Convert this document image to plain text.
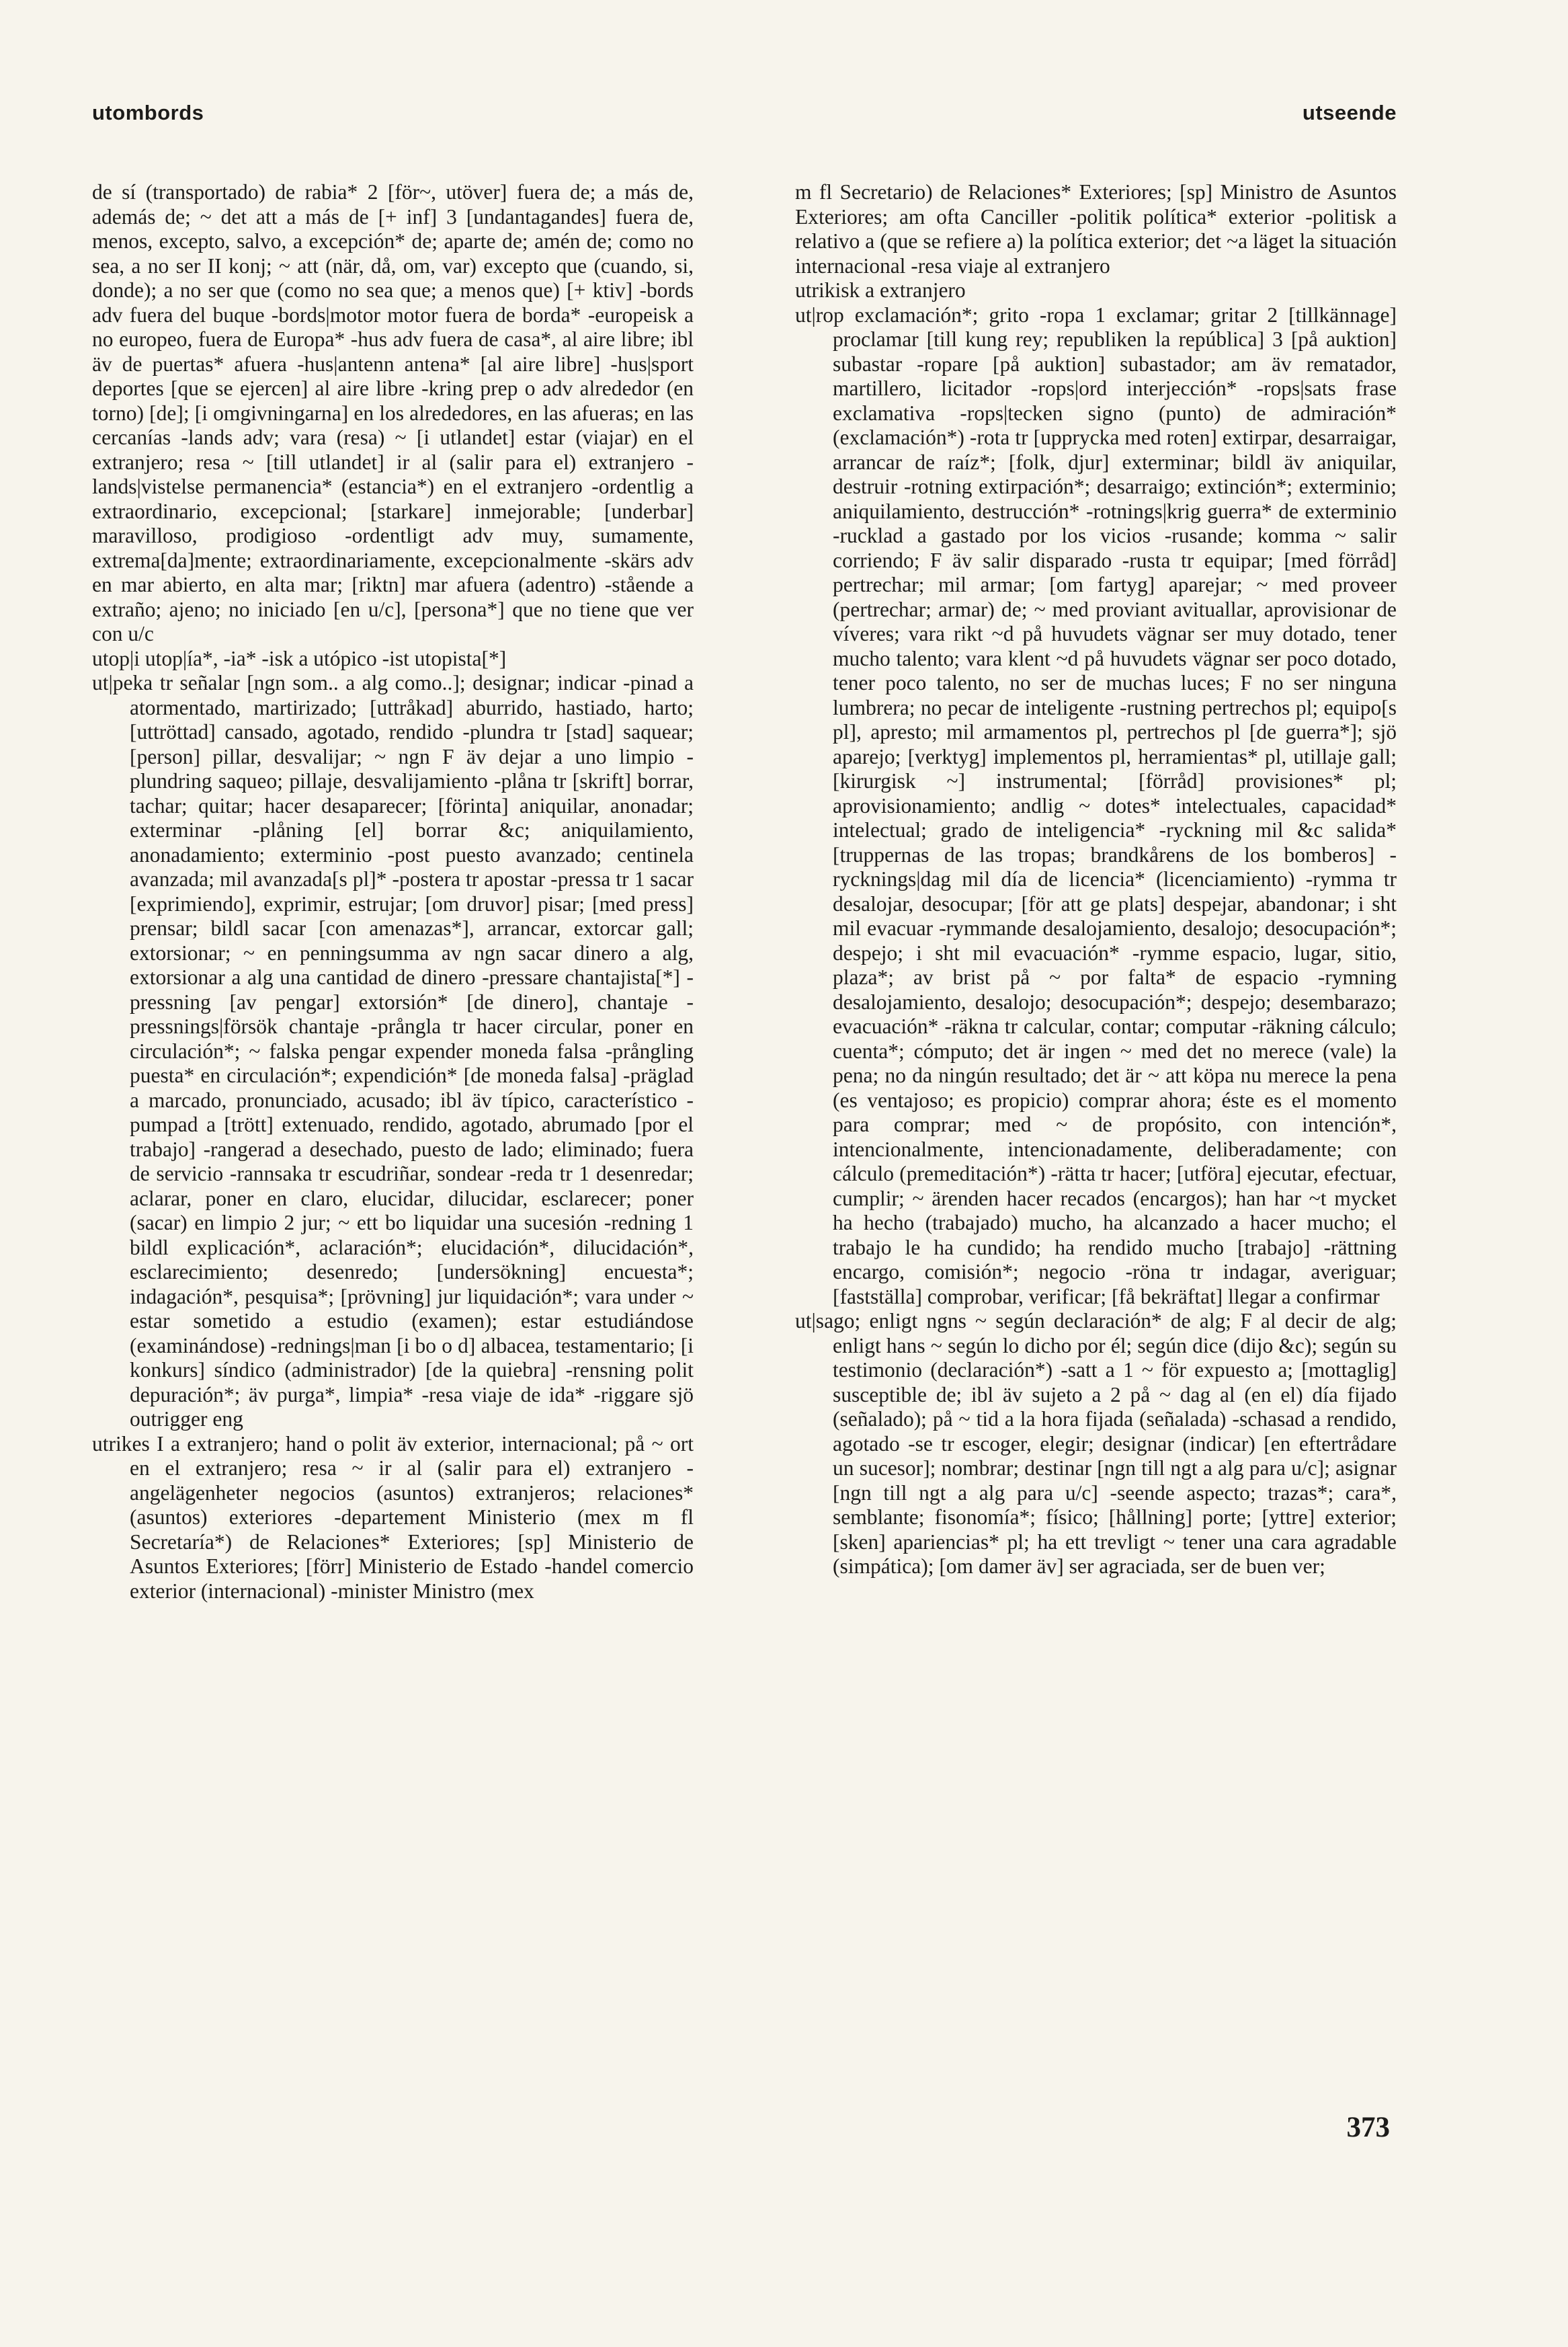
utombords	utseende

de sí (transportado) de rabia* 2 [för~, utöver] fuera de; a más de, además de; ~ det att a más de [+ inf] 3 [undantagandes] fuera de, menos, excepto, salvo, a excepción* de; aparte de; amén de; como no sea, a no ser II konj; ~ att (när, då, om, var) excepto que (cuando, si, donde); a no ser que (como no sea que; a menos que) [+ ktiv] -bords adv fuera del buque -bords|motor motor fuera de borda* -europeisk a no europeo, fuera de Europa* -hus adv fuera de casa*, al aire libre; ibl äv de puertas* afuera -hus|antenn antena* [al aire libre] -hus|sport deportes [que se ejercen] al aire libre -kring prep o adv alrededor (en torno) [de]; [i omgivningarna] en los alrededores, en las afueras; en las cercanías -lands adv; vara (resa) ~ [i utlandet] estar (viajar) en el extranjero; resa ~ [till utlandet] ir al (salir para el) extranjero -lands|vistelse permanencia* (estancia*) en el extranjero -ordentlig a extraordinario, excepcional; [starkare] inmejorable; [underbar] maravilloso, prodigioso -ordentligt adv muy, sumamente, extrema[da]mente; extraordinariamente, excepcionalmente -skärs adv en mar abierto, en alta mar; [riktn] mar afuera (adentro) -stående a extraño; ajeno; no iniciado [en u/c], [persona*] que no tiene que ver con u/c

utop|i utop|ía*, -ia* -isk a utópico -ist utopista[*]

ut|peka tr señalar [ngn som.. a alg como..]; designar; indicar -pinad a atormentado, martirizado; [uttråkad] aburrido, hastiado, harto; [uttröttad] cansado, agotado, rendido -plundra tr [stad] saquear; [person] pillar, desvalijar; ~ ngn F äv dejar a uno limpio -plundring saqueo; pillaje, desvalijamiento -plåna tr [skrift] borrar, tachar; quitar; hacer desaparecer; [förinta] aniquilar, anonadar; exterminar -plåning [el] borrar &c; aniquilamiento, anonadamiento; exterminio -post puesto avanzado; centinela avanzada; mil avanzada[s pl]* -postera tr apostar -pressa tr 1 sacar [exprimiendo], exprimir, estrujar; [om druvor] pisar; [med press] prensar; bildl sacar [con amenazas*], arrancar, extorcar gall; extorsionar; ~ en penningsumma av ngn sacar dinero a alg, extorsionar a alg una cantidad de dinero -pressare chantajista[*] -pressning [av pengar] extorsión* [de dinero], chantaje -pressnings|försök chantaje -prångla tr hacer circular, poner en circulación*; ~ falska pengar expender moneda falsa -prångling puesta* en circulación*; expendición* [de moneda falsa] -präglad a marcado, pronunciado, acusado; ibl äv típico, característico -pumpad a [trött] extenuado, rendido, agotado, abrumado [por el trabajo] -rangerad a desechado, puesto de lado; eliminado; fuera de servicio -rannsaka tr escudriñar, sondear -reda tr 1 desenredar; aclarar, poner en claro, elucidar, dilucidar, esclarecer; poner (sacar) en limpio 2 jur; ~ ett bo liquidar una sucesión -redning 1 bildl explicación*, aclaración*; elucidación*, dilucidación*, esclarecimiento; desenredo; [undersökning] encuesta*; indagación*, pesquisa*; [prövning] jur liquidación*; vara under ~ estar sometido a estudio (examen); estar estudiándose (examinándose) -rednings|man [i bo o d] albacea, testamentario; [i konkurs] síndico (administrador) [de la quiebra] -rensning polit depuración*; äv purga*, limpia* -resa viaje de ida* -riggare sjö outrigger eng

utrikes I a extranjero; hand o polit äv exterior, internacional; på ~ ort en el extranjero; resa ~ ir al (salir para el) extranjero -angelägenheter negocios (asuntos) extranjeros; relaciones* (asuntos) exteriores -departement Ministerio (mex m fl Secretaría*) de Relaciones* Exteriores; [sp] Ministerio de Asuntos Exteriores; [förr] Ministerio de Estado -handel comercio exterior (internacional) -minister Ministro (mex

m fl Secretario) de Relaciones* Exteriores; [sp] Ministro de Asuntos Exteriores; am ofta Canciller -politik política* exterior -politisk a relativo a (que se refiere a) la política exterior; det ~a läget la situación internacional -resa viaje al extranjero

utrikisk a extranjero

ut|rop exclamación*; grito -ropa 1 exclamar; gritar 2 [tillkännage] proclamar [till kung rey; republiken la república] 3 [på auktion] subastar -ropare [på auktion] subastador; am äv rematador, martillero, licitador -rops|ord interjección* -rops|sats frase exclamativa -rops|tecken signo (punto) de admiración* (exclamación*) -rota tr [upprycka med roten] extirpar, desarraigar, arrancar de raíz*; [folk, djur] exterminar; bildl äv aniquilar, destruir -rotning extirpación*; desarraigo; extinción*; exterminio; aniquilamiento, destrucción* -rotnings|krig guerra* de exterminio -rucklad a gastado por los vicios -rusande; komma ~ salir corriendo; F äv salir disparado -rusta tr equipar; [med förråd] pertrechar; mil armar; [om fartyg] aparejar; ~ med proveer (pertrechar; armar) de; ~ med proviant avituallar, aprovisionar de víveres; vara rikt ~d på huvudets vägnar ser muy dotado, tener mucho talento; vara klent ~d på huvudets vägnar ser poco dotado, tener poco talento, no ser de muchas luces; F no ser ninguna lumbrera; no pecar de inteligente -rustning pertrechos pl; equipo[s pl], apresto; mil armamentos pl, pertrechos pl [de guerra*]; sjö aparejo; [verktyg] implementos pl, herramientas* pl, utillaje gall; [kirurgisk ~] instrumental; [förråd] provisiones* pl; aprovisionamiento; andlig ~ dotes* intelectuales, capacidad* intelectual; grado de inteligencia* -ryckning mil &c salida* [truppernas de las tropas; brandkårens de los bomberos] -rycknings|dag mil día de licencia* (licenciamiento) -rymma tr desalojar, desocupar; [för att ge plats] despejar, abandonar; i sht mil evacuar -rymmande desalojamiento, desalojo; desocupación*; despejo; i sht mil evacuación* -rymme espacio, lugar, sitio, plaza*; av brist på ~ por falta* de espacio -rymning desalojamiento, desalojo; desocupación*; despejo; desembarazo; evacuación* -räkna tr calcular, contar; computar -räkning cálculo; cuenta*; cómputo; det är ingen ~ med det no merece (vale) la pena; no da ningún resultado; det är ~ att köpa nu merece la pena (es ventajoso; es propicio) comprar ahora; éste es el momento para comprar; med ~ de propósito, con intención*, intencionalmente, intencionadamente, deliberadamente; con cálculo (premeditación*) -rätta tr hacer; [utföra] ejecutar, efectuar, cumplir; ~ ärenden hacer recados (encargos); han har ~t mycket ha hecho (trabajado) mucho, ha alcanzado a hacer mucho; el trabajo le ha cundido; ha rendido mucho [trabajo] -rättning encargo, comisión*; negocio -röna tr indagar, averiguar; [fastställa] comprobar, verificar; [få bekräftat] llegar a confirmar

ut|sago; enligt ngns ~ según declaración* de alg; F al decir de alg; enligt hans ~ según lo dicho por él; según dice (dijo &c); según su testimonio (declaración*) -satt a 1 ~ för expuesto a; [mottaglig] susceptible de; ibl äv sujeto a 2 på ~ dag al (en el) día fijado (señalado); på ~ tid a la hora fijada (señalada) -schasad a rendido, agotado -se tr escoger, elegir; designar (indicar) [en eftertrådare un sucesor]; nombrar; destinar [ngn till ngt a alg para u/c]; asignar [ngn till ngt a alg para u/c] -seende aspecto; trazas*; cara*, semblante; fisonomía*; físico; [hållning] porte; [yttre] exterior; [sken] apariencias* pl; ha ett trevligt ~ tener una cara agradable (simpática); [om damer äv] ser agraciada, ser de buen ver;

373
